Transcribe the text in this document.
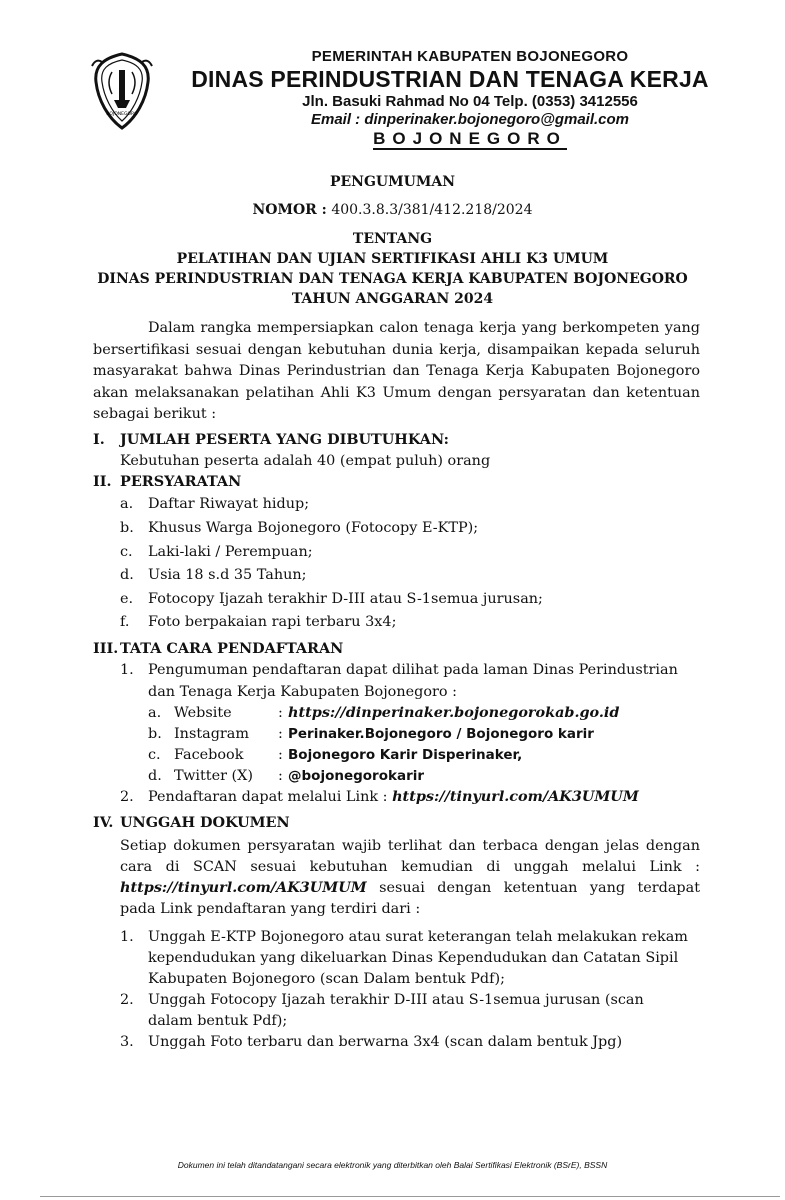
BOJONEGORO
PEMERINTAH KABUPATEN BOJONEGORO
DINAS PERINDUSTRIAN DAN TENAGA KERJA
Jln. Basuki Rahmad No 04 Telp. (0353) 3412556
Email : dinperinaker.bojonegoro@gmail.com
BOJONEGORO
PENGUMUMAN
NOMOR : 400.3.8.3/381/412.218/2024
TENTANG
PELATIHAN DAN UJIAN SERTIFIKASI AHLI K3 UMUM
DINAS PERINDUSTRIAN DAN TENAGA KERJA KABUPATEN BOJONEGORO
TAHUN ANGGARAN 2024
Dalam rangka mempersiapkan calon tenaga kerja yang berkompeten yang bersertifikasi sesuai dengan kebutuhan dunia kerja, disampaikan kepada seluruh masyarakat bahwa Dinas Perindustrian dan Tenaga Kerja Kabupaten Bojonegoro akan melaksanakan pelatihan Ahli K3 Umum dengan persyaratan dan ketentuan sebagai berikut :
I. JUMLAH PESERTA YANG DIBUTUHKAN:
Kebutuhan peserta adalah 40 (empat puluh) orang
II. PERSYARATAN
a. Daftar Riwayat hidup;
b. Khusus Warga Bojonegoro (Fotocopy E-KTP);
c. Laki-laki / Perempuan;
d. Usia 18 s.d 35 Tahun;
e. Fotocopy Ijazah terakhir D-III atau S-1semua jurusan;
f. Foto berpakaian rapi terbaru 3x4;
III. TATA CARA PENDAFTARAN
1. Pengumuman pendaftaran dapat dilihat pada laman Dinas Perindustrian
dan Tenaga Kerja Kabupaten Bojonegoro :
a. Website	: https://dinperinaker.bojonegorokab.go.id
b. Instagram : Perinaker.Bojonegoro / Bojonegoro karir
c. Facebook : Bojonegoro Karir Disperinaker,
d. Twitter (X) : @bojonegorokarir
2. Pendaftaran dapat melalui Link : https://tinyurl.com/AK3UMUM
IV. UNGGAH DOKUMEN
Setiap dokumen persyaratan wajib terlihat dan terbaca dengan jelas dengan
cara di SCAN sesuai kebutuhan kemudian di unggah melalui Link :
https://tinyurl.com/AK3UMUM sesuai dengan ketentuan yang terdapat
pada Link pendaftaran yang terdiri dari :
1. Unggah E-KTP Bojonegoro atau surat keterangan telah melakukan rekam
kependudukan yang dikeluarkan Dinas Kependudukan dan Catatan Sipil
Kabupaten Bojonegoro (scan Dalam bentuk Pdf);
2. Unggah Fotocopy Ijazah terakhir D-III atau S-1semua jurusan (scan
dalam bentuk Pdf);
3. Unggah Foto terbaru dan berwarna 3x4 (scan dalam bentuk Jpg)
Dokumen ini telah ditandatangani secara elektronik yang diterbitkan oleh Balai Sertifikasi Elektronik (BSrE), BSSN
